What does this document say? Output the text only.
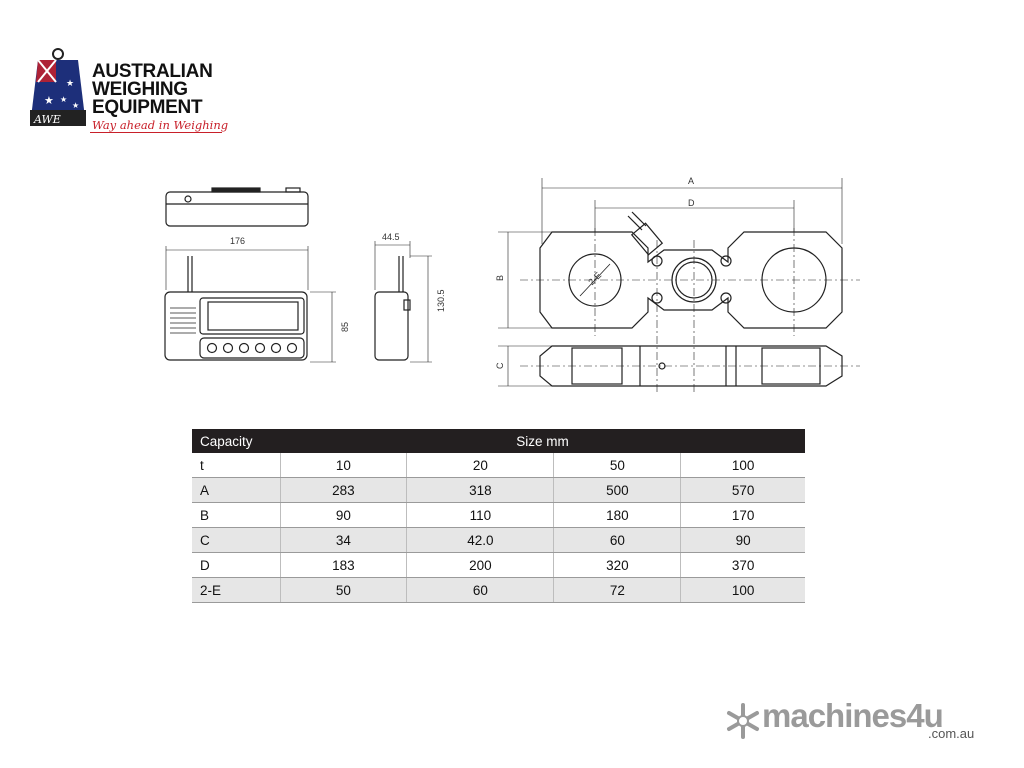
★
★
★
★
AWE
AUSTRALIAN
WEIGHING
EQUIPMENT
Way ahead in Weighing
176
85
44.5
130.5
A
D
B
C
2-E
Capacity	Size mm			
t	10	20	50	100
A	283	318	500	570
B	90	110	180	170
C	34	42.0	60	90
D	183	200	320	370
2-E	50	60	72	100
machines4u
.com.au
